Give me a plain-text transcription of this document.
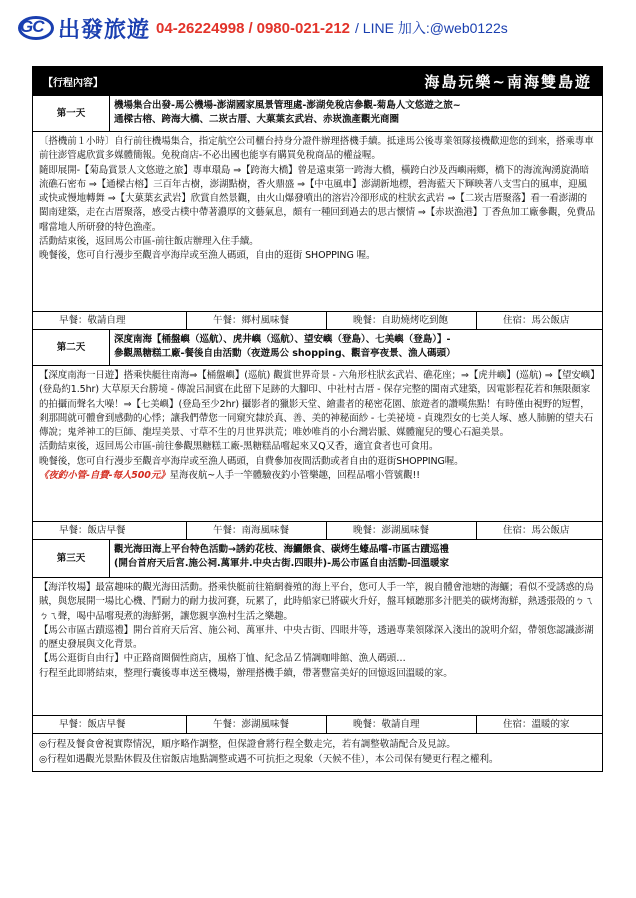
GC 出發旅遊 04-26224998 / 0980-021-212 / LINE 加入:@web0122s
【行程內容】	海島玩樂~南海雙島遊
第一天
機場集合出發-馬公機場-澎湖國家風景管理處-澎湖免稅店參觀-菊島人文悠遊之旅~
通樑古榕、跨海大橋、二崁古厝、大菓葉玄武岩、赤崁漁產觀光商圈

〔搭機前１小時〕自行前往機場集合，指定航空公司櫃台持身分證件辦理搭機手續。抵達馬公後專業領隊接機歡迎您的到來，搭乘專車前往澎管處欣賞多媒體簡報。免稅商店-不必出國也能享有購買免稅商品的權益喔。

隨即展開-【菊島賞景人文悠遊之旅】專車環島 ⇒【跨海大橋】曾是遠東第一跨海大橋，橫跨白沙及西嶼兩鄉，橋下的海流洶湧旋渦暗流礁石密布 ⇒【通樑古榕】三百年古樹，澎湖點樹，香火鼎盛 ⇒【中屯風車】澎湖新地標，碧海藍天下輝映著八支雪白的風車，迎風或快或慢地轉舞 ⇒【大菓葉玄武岩】欣賞自然景觀，由火山爆發噴出的溶岩冷卻形成的柱狀玄武岩 ⇒【二崁古厝聚落】看一看澎湖的閩南建築，走在古厝聚落，感受古樸中帶著濃厚的文藝氣息，頗有一種回到過去的思古懷情 ⇒【赤崁漁港】丁香魚加工廠參觀，免費品嚐當地人所研發的特色漁產。

活動結束後，返回馬公市區-前往飯店辦理入住手續。

晚餐後，您可自行漫步至觀音亭海岸或至漁人碼頭，自由的逛街 SHOPPING 喔。

早餐：敬請自理	午餐：鄉村風味餐	晚餐：自助燒烤吃到飽	住宿：馬公飯店
第二天
深度南海【桶盤嶼（巡航）、虎井嶼（巡航）、望安嶼（登島）、七美嶼（登島）】-
參觀黑糖糕工廠-餐後自由活動（夜遊馬公 shopping、觀音亭夜景、漁人碼頭）

【深度南海一日遊】搭乘快艇往南海⇒【桶盤嶼】(巡航) 觀賞世界奇景 - 六角形柱狀玄武岩、礁花座；⇒【虎井嶼】(巡航) ⇒【望安嶼】(登島約1.5hr) 大草原天台勝境 - 傳說呂洞賓在此留下足跡的大腳印、中社村古厝 - 保存完整的閩南式建築，因電影程花若和無限顏家的拍攝而聲名大噪！⇒【七美嶼】(登島至少2hr) 攝影者的獵影天堂、繪畫者的秘密花園、旅遊者的讚嘆焦點！有時僅由視野的短暫，剎那間就可體會到感動的心悸；讓我們帶您一同窺究隸於真、善、美的神秘面紗 - 七美祕境 - 貞瑰烈女的七美人塚、感人肺腑的望夫石傳說；鬼斧神工的巨師、龍埕美景、寸草不生的月世界洪荒；唯妙唯肖的小台灣岩脈、媒體寵兒的雙心石滬美景。

活動結束後，返回馬公市區-前往參觀黑糖糕工廠-黑糖糕品嚐起來又Q又香，適宜食者也可食用。

晚餐後，您可自行漫步至觀音亭海岸或至漁人碼頭，自費參加夜間活動或者自由的逛街SHOPPING喔。

《夜釣小管-自費-每人500元》星海夜航~人手一竿體驗夜釣小管樂趣，回程品嚐小管號觀!!

早餐：飯店早餐	午餐：南海風味餐	晚餐：澎湖風味餐	住宿：馬公飯店
第三天
觀光海田海上平台特色活動→誘釣花枝、海鱺餵食、碳烤生蠔品嚐-市區古蹟巡禮
(開台首府天后宮.施公祠.萬軍井.中央古街.四眼井)-馬公市區自由活動-回溫暖家

【海洋牧場】最富趣味的觀光海田活動。搭乘快艇前往箱網養殖的海上平台，您可人手一竿，親自體會池塘的海鱺；看似不受誘惑的烏賊，與您展開一場比心機、鬥耐力的耐力拔河賽，玩累了，此時船家已將碳火升好，盤耳傾聽那多汁肥美的碳烤海鮮，熱透張殼的ㄅㄟㄅㄟ聲，喝中品嚐現煮的海鮮粥，讓您親享漁村生活之樂趣。

【馬公市區古蹟巡禮】開台首府天后宮、施公祠、萬軍井、中央古街、四眼井等，透過專業領隊深入淺出的說明介紹，帶領您認識澎湖的歷史發展與文化背景。

【馬公逛街自由行】中正路商圈個性商店，風格丁恤、紀念品Ｚ情調咖啡館、漁人碼頭…

行程至此即將結束，整理行囊後專車送至機場，辦理搭機手續，帶著豐富美好的回憶返回溫暖的家。

早餐：飯店早餐	午餐：澎湖風味餐	晚餐：敬請自理	住宿：溫暖的家

◎行程及餐食會視實際情況，順序略作調整，但保證會將行程全數走完，若有調整敬請配合及見諒。

◎行程如遇觀光景點休假及住宿飯店地點調整或遇不可抗拒之現象（天候不佳），本公司保有變更行程之權利。
